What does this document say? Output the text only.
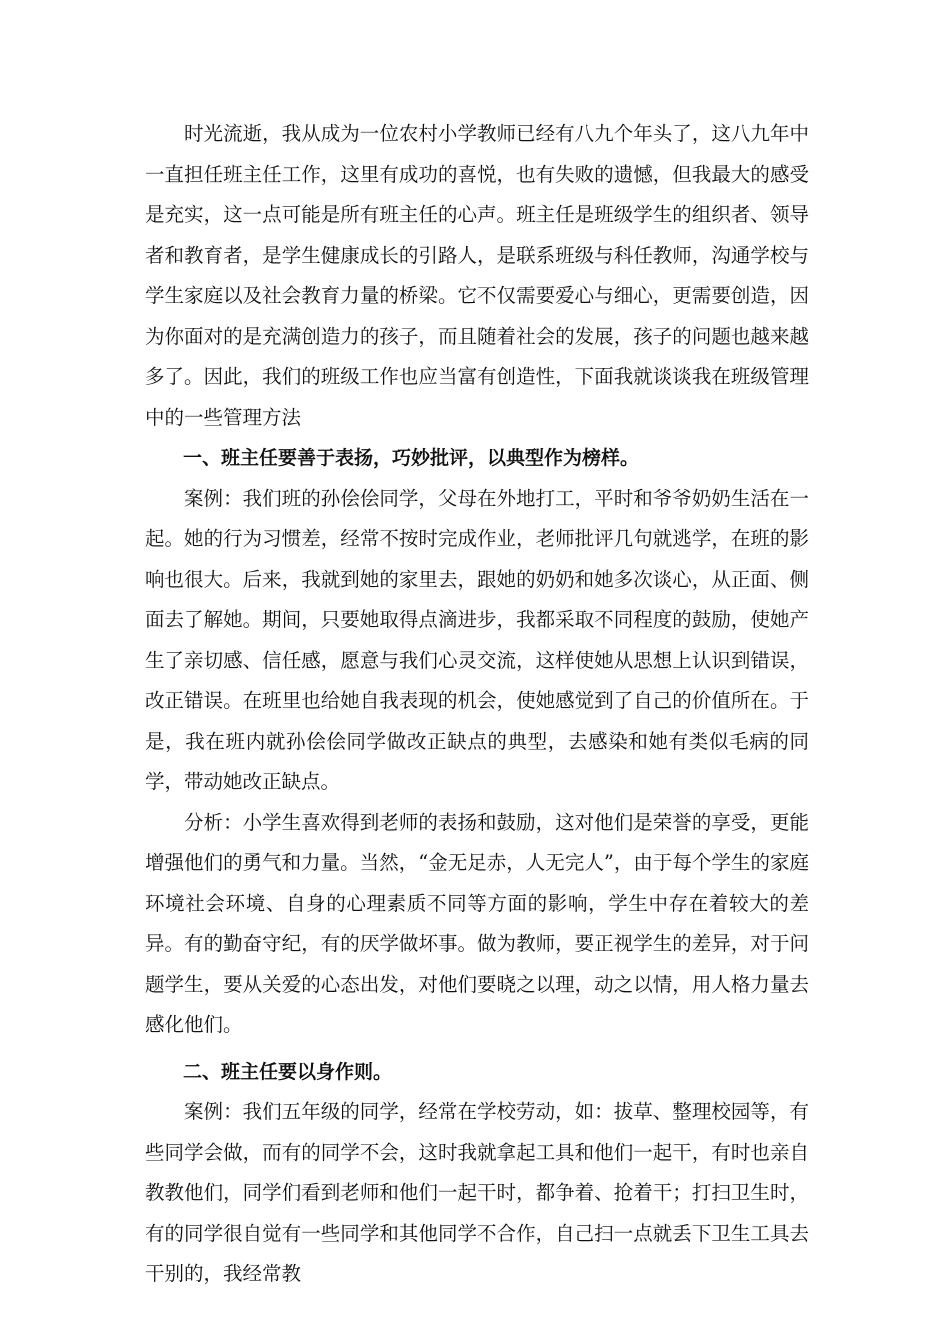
时光流逝，我从成为一位农村小学教师已经有八九个年头了，这八九年中一直担任班主任工作，这里有成功的喜悦，也有失败的遗憾，但我最大的感受是充实，这一点可能是所有班主任的心声。班主任是班级学生的组织者、领导者和教育者，是学生健康成长的引路人，是联系班级与科任教师，沟通学校与学生家庭以及社会教育力量的桥梁。它不仅需要爱心与细心，更需要创造，因为你面对的是充满创造力的孩子，而且随着社会的发展，孩子的问题也越来越多了。因此，我们的班级工作也应当富有创造性，下面我就谈谈我在班级管理中的一些管理方法

一、班主任要善于表扬，巧妙批评，以典型作为榜样。

案例：我们班的孙侩侩同学，父母在外地打工，平时和爷爷奶奶生活在一起。她的行为习惯差，经常不按时完成作业，老师批评几句就逃学，在班的影响也很大。后来，我就到她的家里去，跟她的奶奶和她多次谈心，从正面、侧面去了解她。期间，只要她取得点滴进步，我都采取不同程度的鼓励，使她产生了亲切感、信任感，愿意与我们心灵交流，这样使她从思想上认识到错误，改正错误。在班里也给她自我表现的机会，使她感觉到了自己的价值所在。于是，我在班内就孙侩侩同学做改正缺点的典型，去感染和她有类似毛病的同学，带动她改正缺点。

分析：小学生喜欢得到老师的表扬和鼓励，这对他们是荣誉的享受，更能增强他们的勇气和力量。当然，“金无足赤，人无完人”，由于每个学生的家庭环境社会环境、自身的心理素质不同等方面的影响，学生中存在着较大的差异。有的勤奋守纪，有的厌学做坏事。做为教师，要正视学生的差异，对于问题学生，要从关爱的心态出发，对他们要晓之以理，动之以情，用人格力量去感化他们。

二、班主任要以身作则。

案例：我们五年级的同学，经常在学校劳动，如：拔草、整理校园等，有些同学会做，而有的同学不会，这时我就拿起工具和他们一起干，有时也亲自教教他们，同学们看到老师和他们一起干时，都争着、抢着干；打扫卫生时，有的同学很自觉有一些同学和其他同学不合作，自己扫一点就丢下卫生工具去干别的，我经常教
